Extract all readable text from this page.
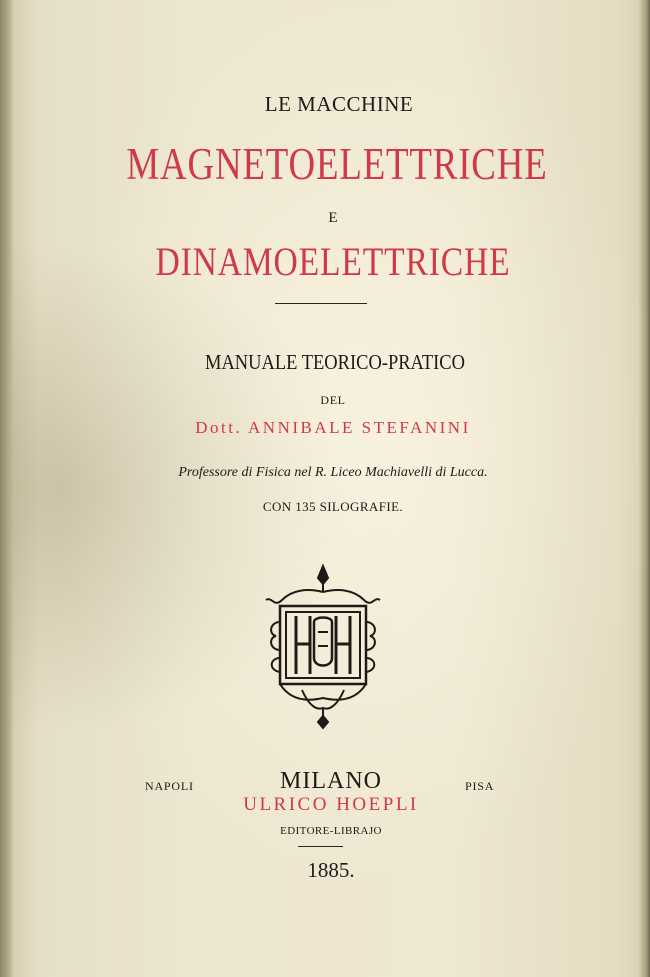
LE MACCHINE
MAGNETOELETTRICHE
E
DINAMOELETTRICHE
MANUALE TEORICO-PRATICO
DEL
Dott. ANNIBALE STEFANINI
Professore di Fisica nel R. Liceo Machiavelli di Lucca.
CON 135 SILOGRAFIE.
NAPOLI	PISA
MILANO
ULRICO HOEPLI
EDITORE-LIBRAJO
1885.
